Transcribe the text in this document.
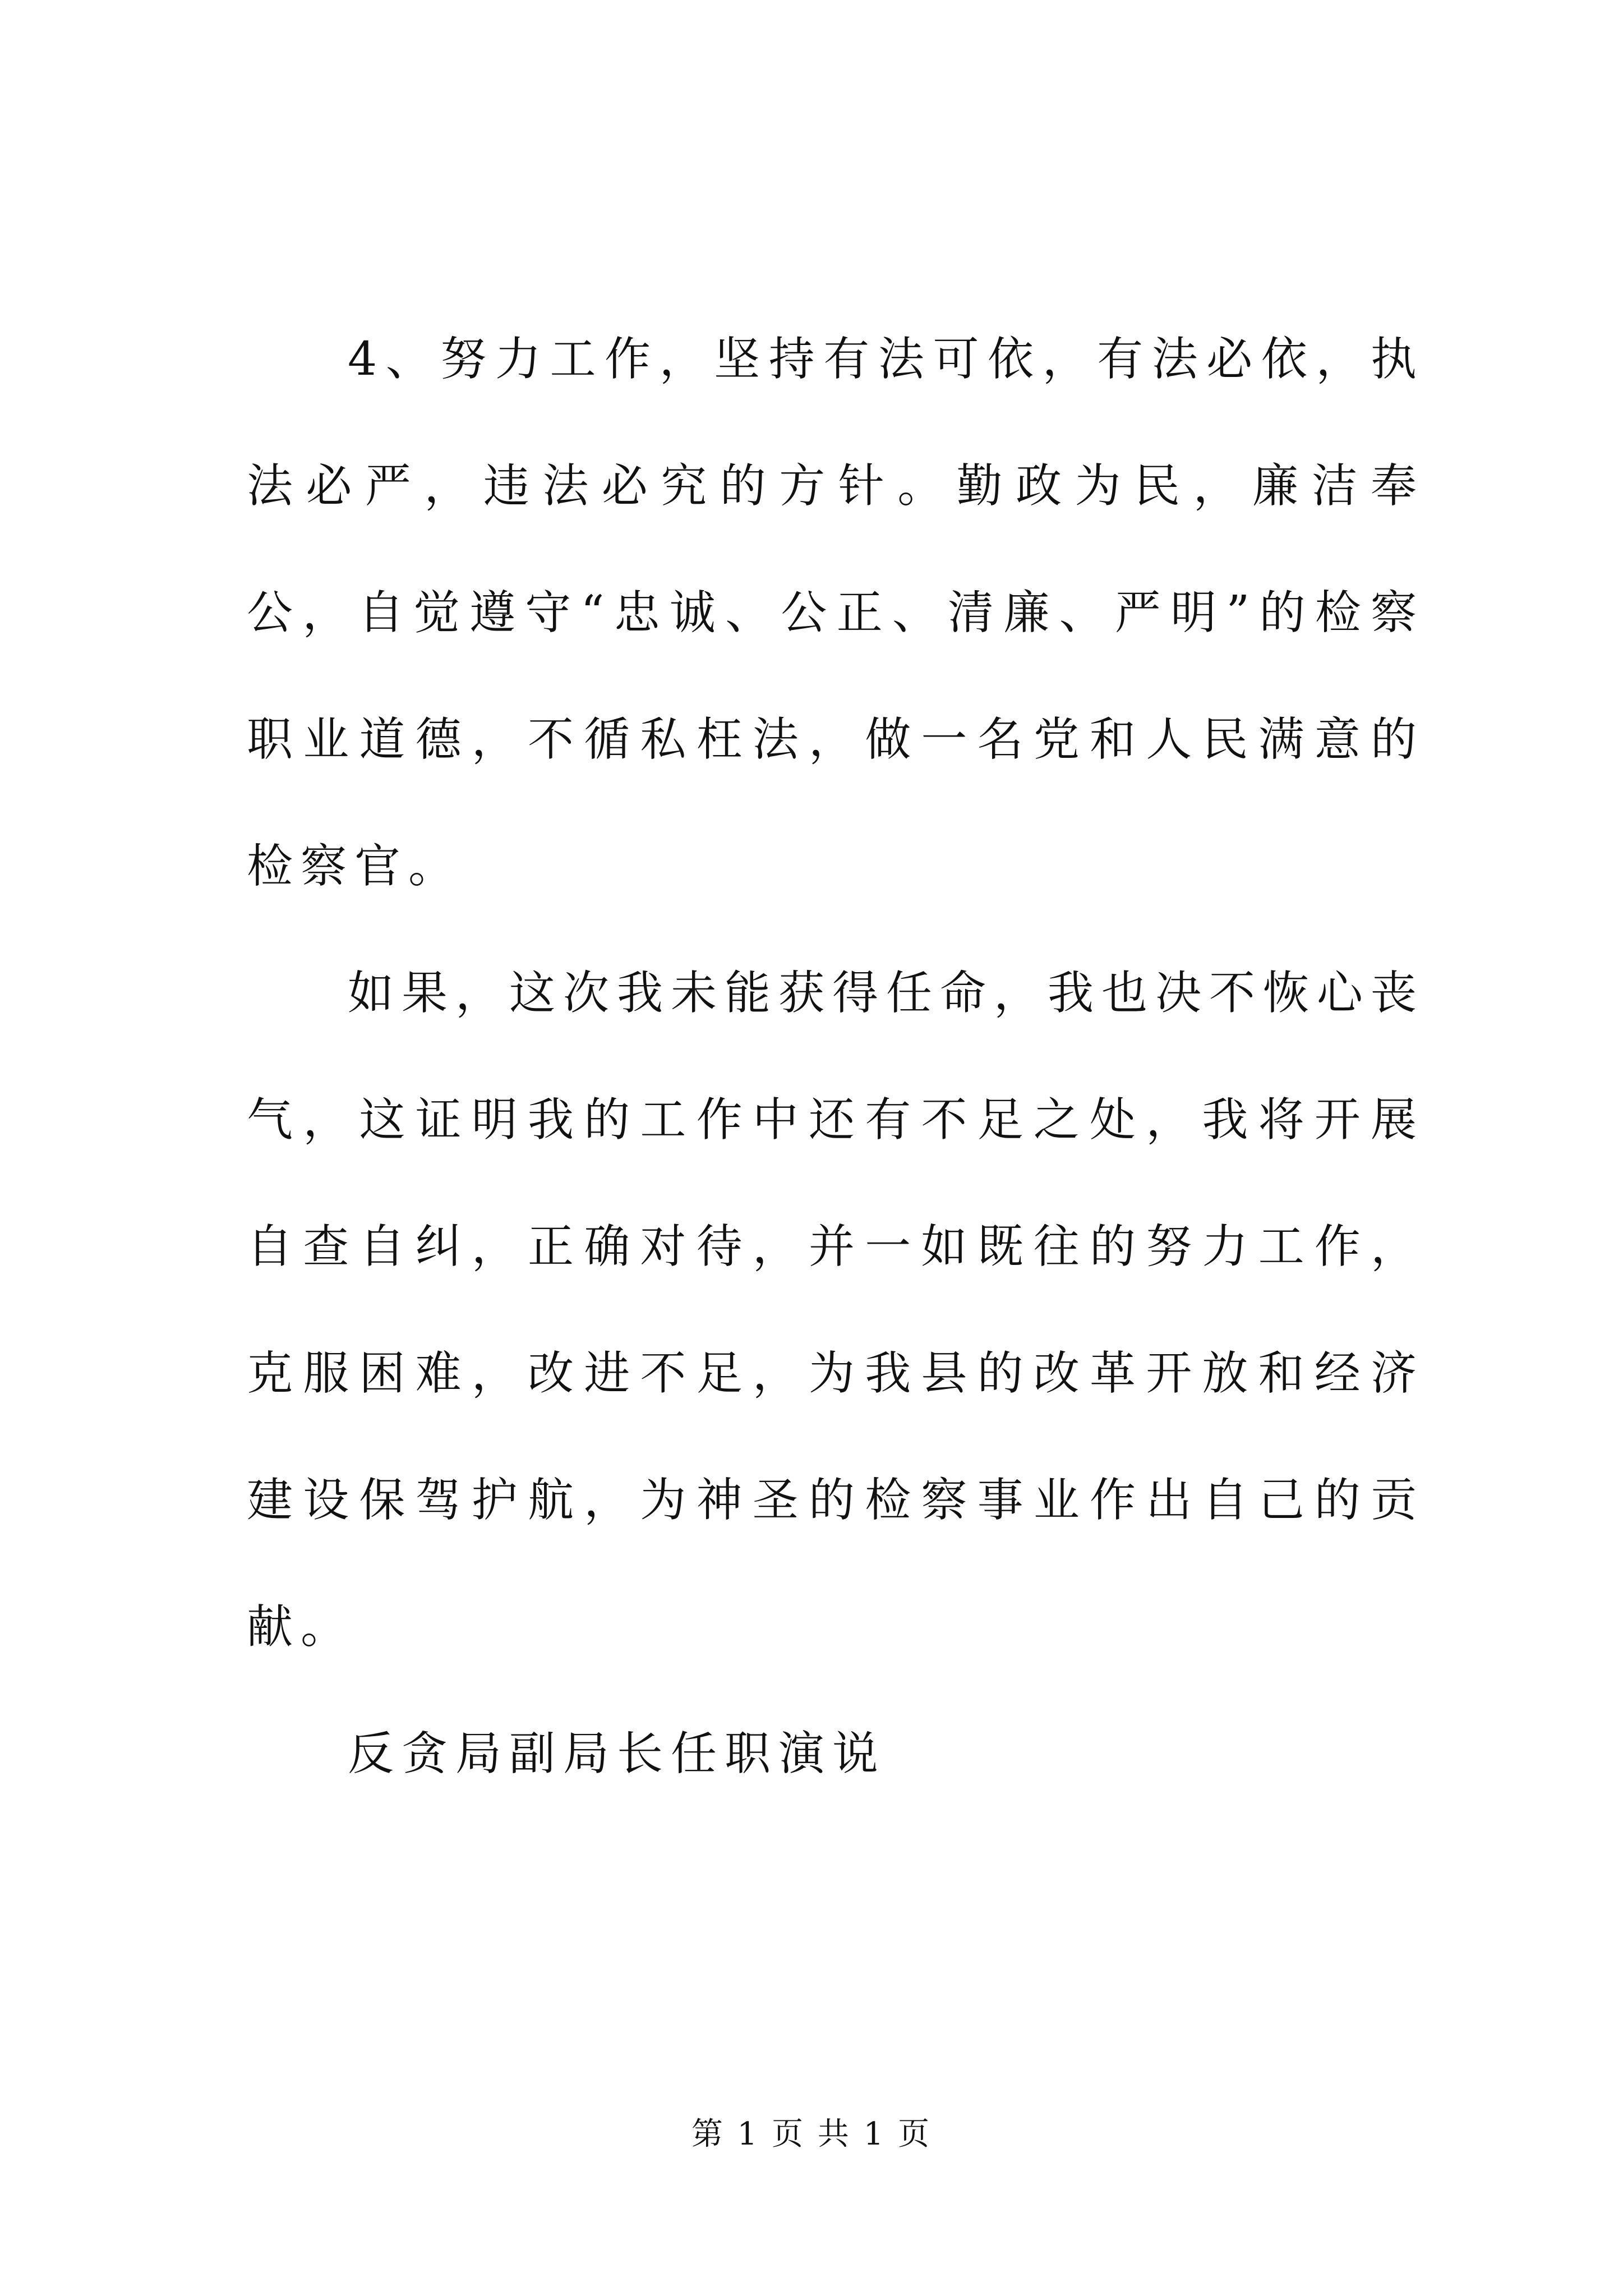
4、努力工作，坚持有法可依，有法必依，执法必严，违法必究的方针。勤政为民，廉洁奉公，自觉遵守“忠诚、公正、清廉、严明”的检察职业道德，不循私枉法，做一名党和人民满意的检察官。

如果，这次我未能获得任命，我也决不恢心丧气，这证明我的工作中还有不足之处，我将开展自查自纠，正确对待，并一如既往的努力工作，克服困难，改进不足，为我县的改革开放和经济建设保驾护航，为神圣的检察事业作出自己的贡献。

反贪局副局长任职演说

第 1 页 共 1 页
